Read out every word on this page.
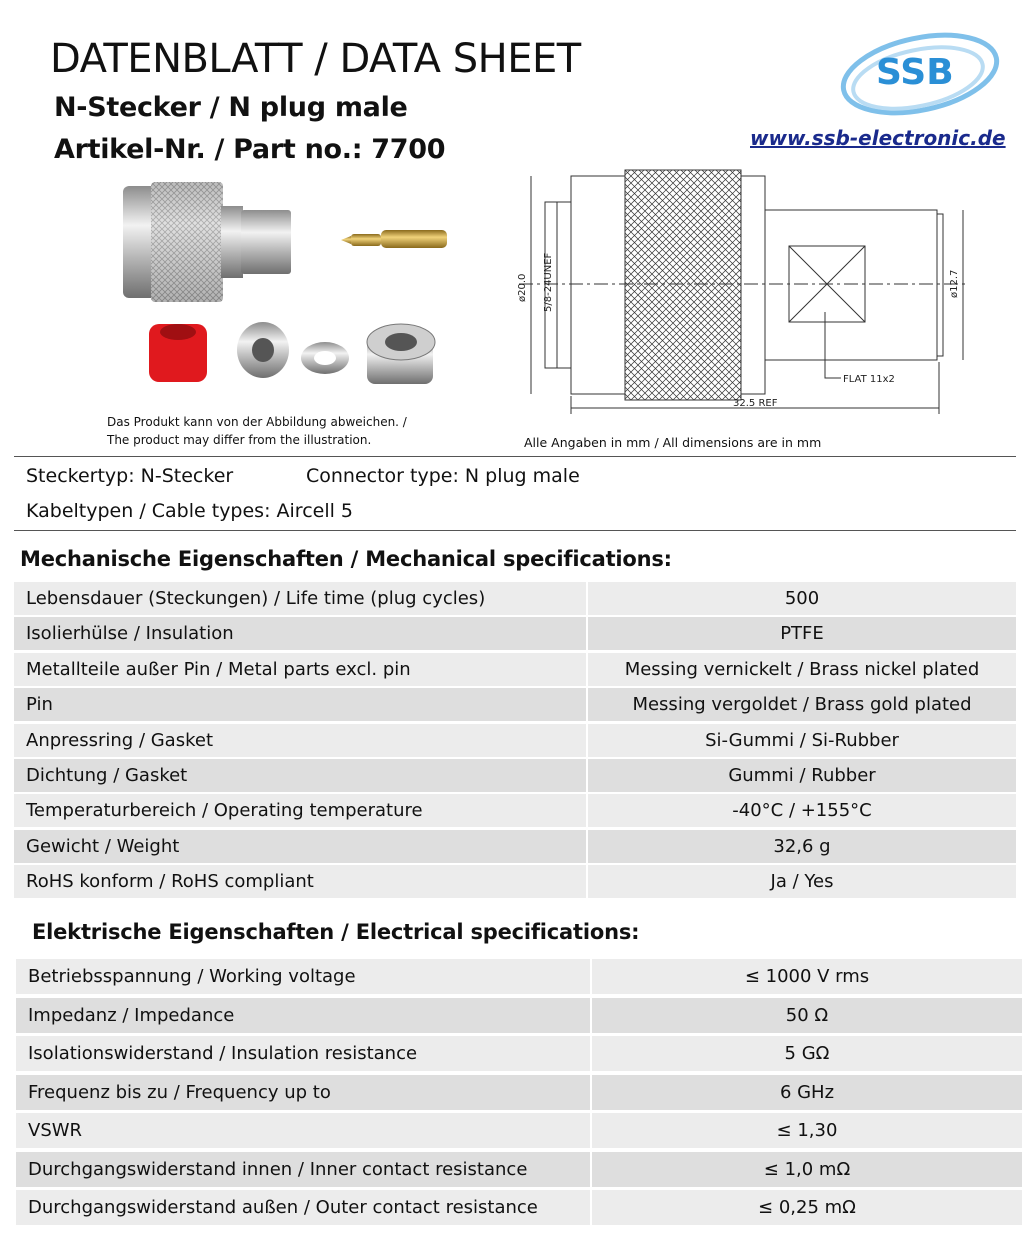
DATENBLATT / DATA SHEET
N-Stecker / N plug male
Artikel-Nr. / Part no.: 7700
SSB
www.ssb-electronic.de
Das Produkt kann von der Abbildung abweichen. /
The product may differ from the illustration.
ø20.0 5/8-24UNEF	ø12.7
FLAT 11x2
32.5 REF
Alle Angaben in mm / All dimensions are in mm
Steckertyp: N-Stecker	Connector type: N plug male
Kabeltypen / Cable types: Aircell 5
Mechanische Eigenschaften / Mechanical specifications:
Lebensdauer (Steckungen) / Life time (plug cycles)	500
Isolierhülse / Insulation	PTFE
Metallteile außer Pin / Metal parts excl. pin	Messing vernickelt / Brass nickel plated
Pin	Messing vergoldet / Brass gold plated
Anpressring / Gasket	Si-Gummi / Si-Rubber
Dichtung / Gasket	Gummi / Rubber
Temperaturbereich / Operating temperature	-40°C / +155°C
Gewicht / Weight	32,6 g
RoHS konform / RoHS compliant	Ja / Yes
Elektrische Eigenschaften / Electrical specifications:
Betriebsspannung / Working voltage	≤ 1000 V rms
Impedanz / Impedance	50 Ω
Isolationswiderstand / Insulation resistance	5 GΩ
Frequenz bis zu / Frequency up to	6 GHz
VSWR	≤ 1,30
Durchgangswiderstand innen / Inner contact resistance	≤ 1,0 mΩ
Durchgangswiderstand außen / Outer contact resistance	≤ 0,25 mΩ
